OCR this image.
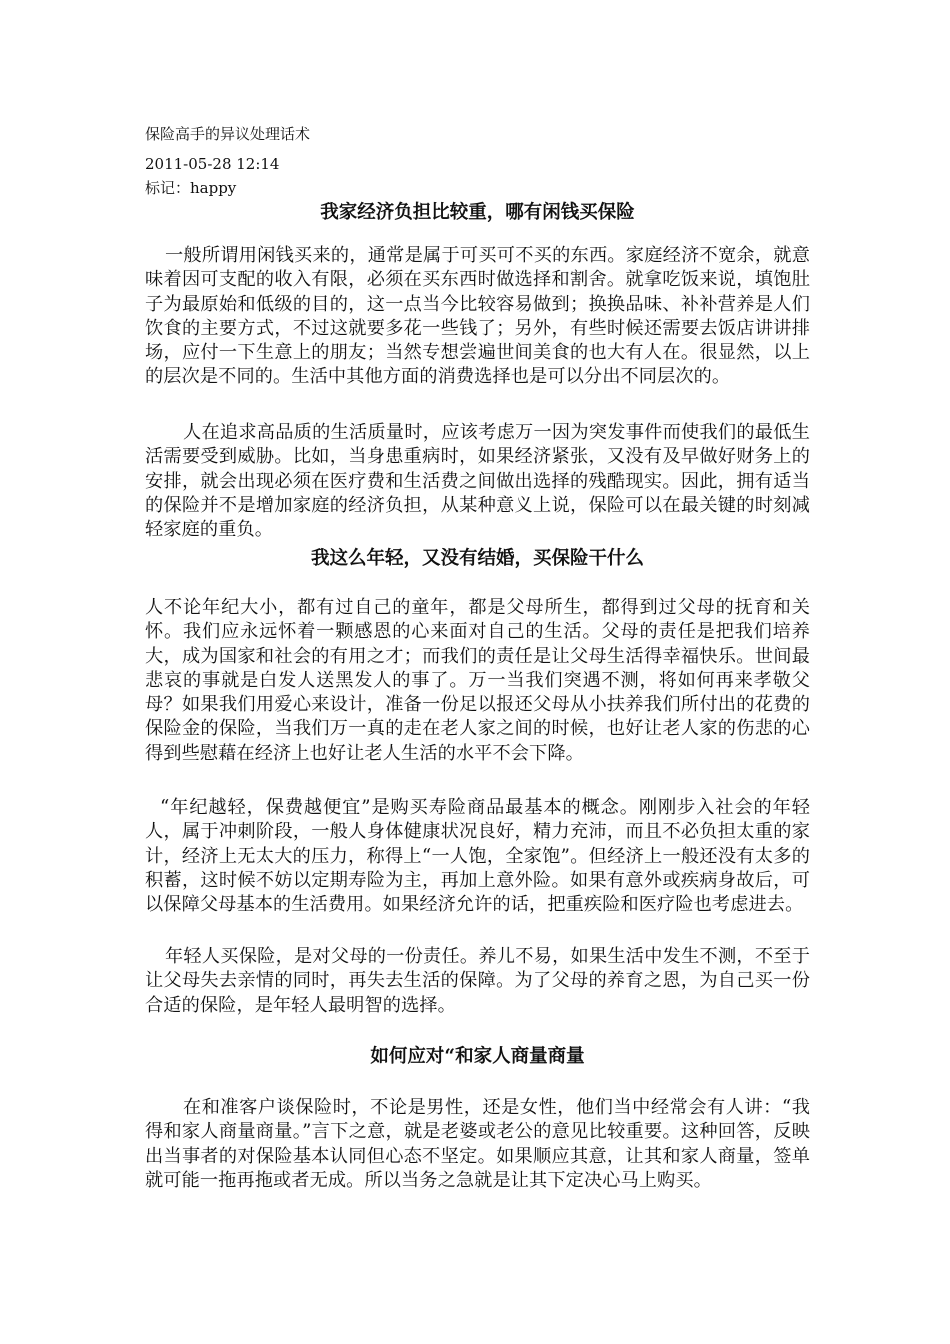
保险高手的异议处理话术
2011-05-28 12:14
标记：happy
我家经济负担比较重，哪有闲钱买保险

一般所谓用闲钱买来的，通常是属于可买可不买的东西。家庭经济不宽余，就意味着因可支配的收入有限，必须在买东西时做选择和割舍。就拿吃饭来说，填饱肚子为最原始和低级的目的，这一点当今比较容易做到；换换品味、补补营养是人们饮食的主要方式，不过这就要多花一些钱了；另外，有些时候还需要去饭店讲讲排场，应付一下生意上的朋友；当然专想尝遍世间美食的也大有人在。很显然，以上的层次是不同的。生活中其他方面的消费选择也是可以分出不同层次的。

人在追求高品质的生活质量时，应该考虑万一因为突发事件而使我们的最低生活需要受到威胁。比如，当身患重病时，如果经济紧张，又没有及早做好财务上的安排，就会出现必须在医疗费和生活费之间做出选择的残酷现实。因此，拥有适当的保险并不是增加家庭的经济负担，从某种意义上说，保险可以在最关键的时刻减轻家庭的重负。

我这么年轻，又没有结婚，买保险干什么

人不论年纪大小，都有过自己的童年，都是父母所生，都得到过父母的抚育和关怀。我们应永远怀着一颗感恩的心来面对自己的生活。父母的责任是把我们培养大，成为国家和社会的有用之才；而我们的责任是让父母生活得幸福快乐。世间最悲哀的事就是白发人送黑发人的事了。万一当我们突遇不测，将如何再来孝敬父母？如果我们用爱心来设计，准备一份足以报还父母从小扶养我们所付出的花费的保险金的保险，当我们万一真的走在老人家之间的时候，也好让老人家的伤悲的心得到些慰藉在经济上也好让老人生活的水平不会下降。

“年纪越轻，保费越便宜”是购买寿险商品最基本的概念。刚刚步入社会的年轻人，属于冲刺阶段，一般人身体健康状况良好，精力充沛，而且不必负担太重的家计，经济上无太大的压力，称得上“一人饱，全家饱”。但经济上一般还没有太多的积蓄，这时候不妨以定期寿险为主，再加上意外险。如果有意外或疾病身故后，可以保障父母基本的生活费用。如果经济允许的话，把重疾险和医疗险也考虑进去。

年轻人买保险，是对父母的一份责任。养儿不易，如果生活中发生不测，不至于让父母失去亲情的同时，再失去生活的保障。为了父母的养育之恩，为自己买一份合适的保险，是年轻人最明智的选择。

如何应对“和家人商量商量

在和准客户谈保险时，不论是男性，还是女性，他们当中经常会有人讲：“我得和家人商量商量。”言下之意，就是老婆或老公的意见比较重要。这种回答，反映出当事者的对保险基本认同但心态不坚定。如果顺应其意，让其和家人商量，签单就可能一拖再拖或者无成。所以当务之急就是让其下定决心马上购买。
